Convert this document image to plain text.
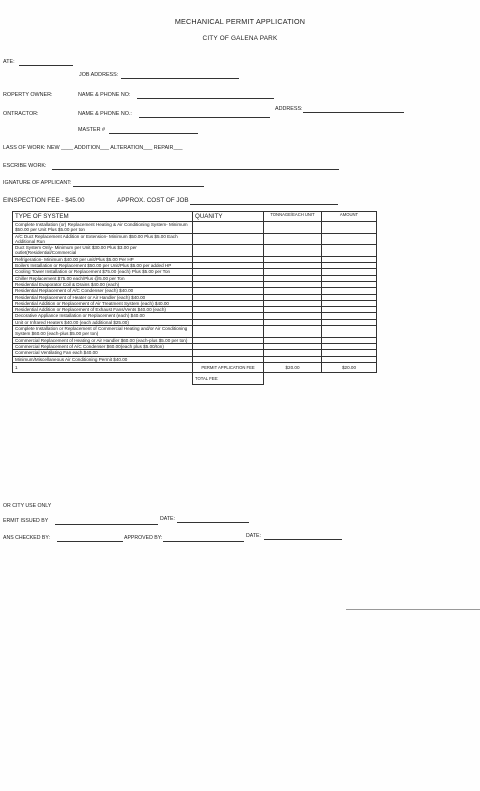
MECHANICAL PERMIT APPLICATION
CITY OF GALENA PARK
ATE:
JOB ADDRESS:
ROPERTY OWNER:	NAME & PHONE NO:
ONTRACTOR:	NAME & PHONE NO.:
ADDRESS:
MASTER #
LASS OF WORK: NEW ____ ADDITION___ ALTERATION___ REPAIR___
ESCRIBE WORK:
IGNATURE OF APPLICANT:
EINSPECTION FEE - $45.00	APPROX. COST OF JOB
TYPE OF SYSTEM	QUANITY	TONNAGE/EACH UNIT	AMOUNT
Complete Installation (or) Replacement Heating & Air Conditioning System- Minimum $50.00 per Unit Plus $5.00 per ton			
A/C Duct Replacement Addition or Extension- Minimum $50.00 Plus $5.00 Each Additional Run			
Duct System Only- Minimum per Unit $30.00 Plus $3.00 per outlet(Residential/Commercial			
Refrigeration- Minimum $40.00 per unit/Plus $5.00 Per HP			
Boilers Installation or Replacement $50.00 per Unit/Plus $5.00 per added HP			
Cooling Tower Installation or Replacement $75.00 (each) Plus $5.00 per Ton			
Chiller Replacement $75.00 each/Plus @5.00 per Ton			
Residential Evaporator Coil & Drains $40.00 (each)			
Residential Replacement of A/C Condenser (each) $40.00			
Residential Replacement of Heater or Air Handler (each) $40.00			
Residential Addition or Replacement of Air Treatment System (each) $40.00			
Residential Addition or Replacement of Exhaust Fans/Vents $40.00 (each)			
Decorative Appliance Installation or Replacement (each) $40.00			
Unit or Infrared Heaters $40.00 (each additional $25.00)			
Complete Installation or Replacement of Commercial Heating and/or Air Conditioning System $60.00 (each-plus $5.00 per ton)			
Commercial Replacement of Heating or Air Handler $60.00 (each-plus $5.00 per ton)			
Commercial Replacement of A/C Condenser $60.00(each plus $5.00/ton)			
Commercial Ventilating Fan each $40.00			
Minimum/Miscellaneous Air Conditioning Permit $40.00			
1	PERMIT APPLICATION FEE	$20.00	$20.00
	TOTAL FEE:		
OR CITY USE ONLY
ERMIT ISSUED BY	DATE:
ANS CHECKED BY:	APPROVED BY:	DATE:
